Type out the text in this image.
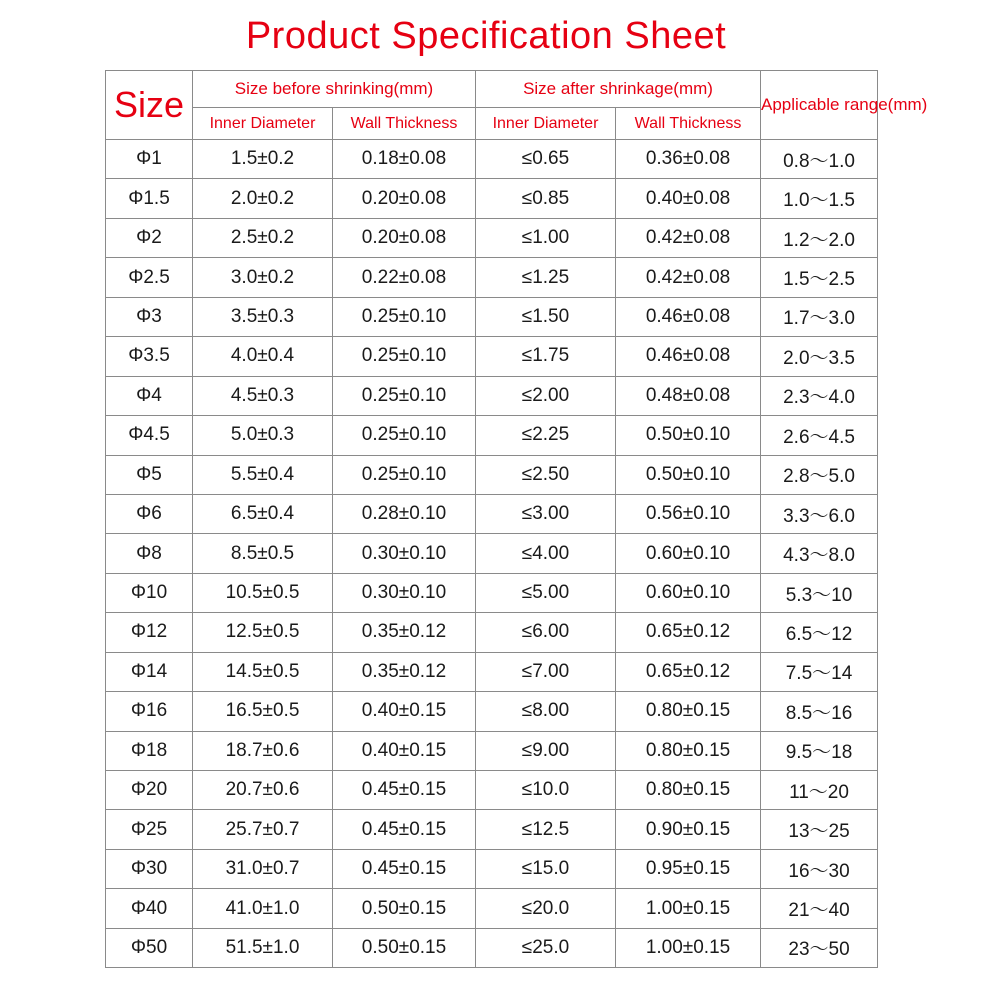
Product Specification Sheet
Size	Size before shrinking(mm)		Size after shrinkage(mm)		Applicable range(mm)
	Inner Diameter	Wall Thickness	Inner Diameter	Wall Thickness	
Φ1	1.5±0.2	0.18±0.08	≤0.65	0.36±0.08	0.8～1.0
Φ1.5	2.0±0.2	0.20±0.08	≤0.85	0.40±0.08	1.0～1.5
Φ2	2.5±0.2	0.20±0.08	≤1.00	0.42±0.08	1.2～2.0
Φ2.5	3.0±0.2	0.22±0.08	≤1.25	0.42±0.08	1.5～2.5
Φ3	3.5±0.3	0.25±0.10	≤1.50	0.46±0.08	1.7～3.0
Φ3.5	4.0±0.4	0.25±0.10	≤1.75	0.46±0.08	2.0～3.5
Φ4	4.5±0.3	0.25±0.10	≤2.00	0.48±0.08	2.3～4.0
Φ4.5	5.0±0.3	0.25±0.10	≤2.25	0.50±0.10	2.6～4.5
Φ5	5.5±0.4	0.25±0.10	≤2.50	0.50±0.10	2.8～5.0
Φ6	6.5±0.4	0.28±0.10	≤3.00	0.56±0.10	3.3～6.0
Φ8	8.5±0.5	0.30±0.10	≤4.00	0.60±0.10	4.3～8.0
Φ10	10.5±0.5	0.30±0.10	≤5.00	0.60±0.10	5.3～10
Φ12	12.5±0.5	0.35±0.12	≤6.00	0.65±0.12	6.5～12
Φ14	14.5±0.5	0.35±0.12	≤7.00	0.65±0.12	7.5～14
Φ16	16.5±0.5	0.40±0.15	≤8.00	0.80±0.15	8.5～16
Φ18	18.7±0.6	0.40±0.15	≤9.00	0.80±0.15	9.5～18
Φ20	20.7±0.6	0.45±0.15	≤10.0	0.80±0.15	11～20
Φ25	25.7±0.7	0.45±0.15	≤12.5	0.90±0.15	13～25
Φ30	31.0±0.7	0.45±0.15	≤15.0	0.95±0.15	16～30
Φ40	41.0±1.0	0.50±0.15	≤20.0	1.00±0.15	21～40
Φ50	51.5±1.0	0.50±0.15	≤25.0	1.00±0.15	23～50
